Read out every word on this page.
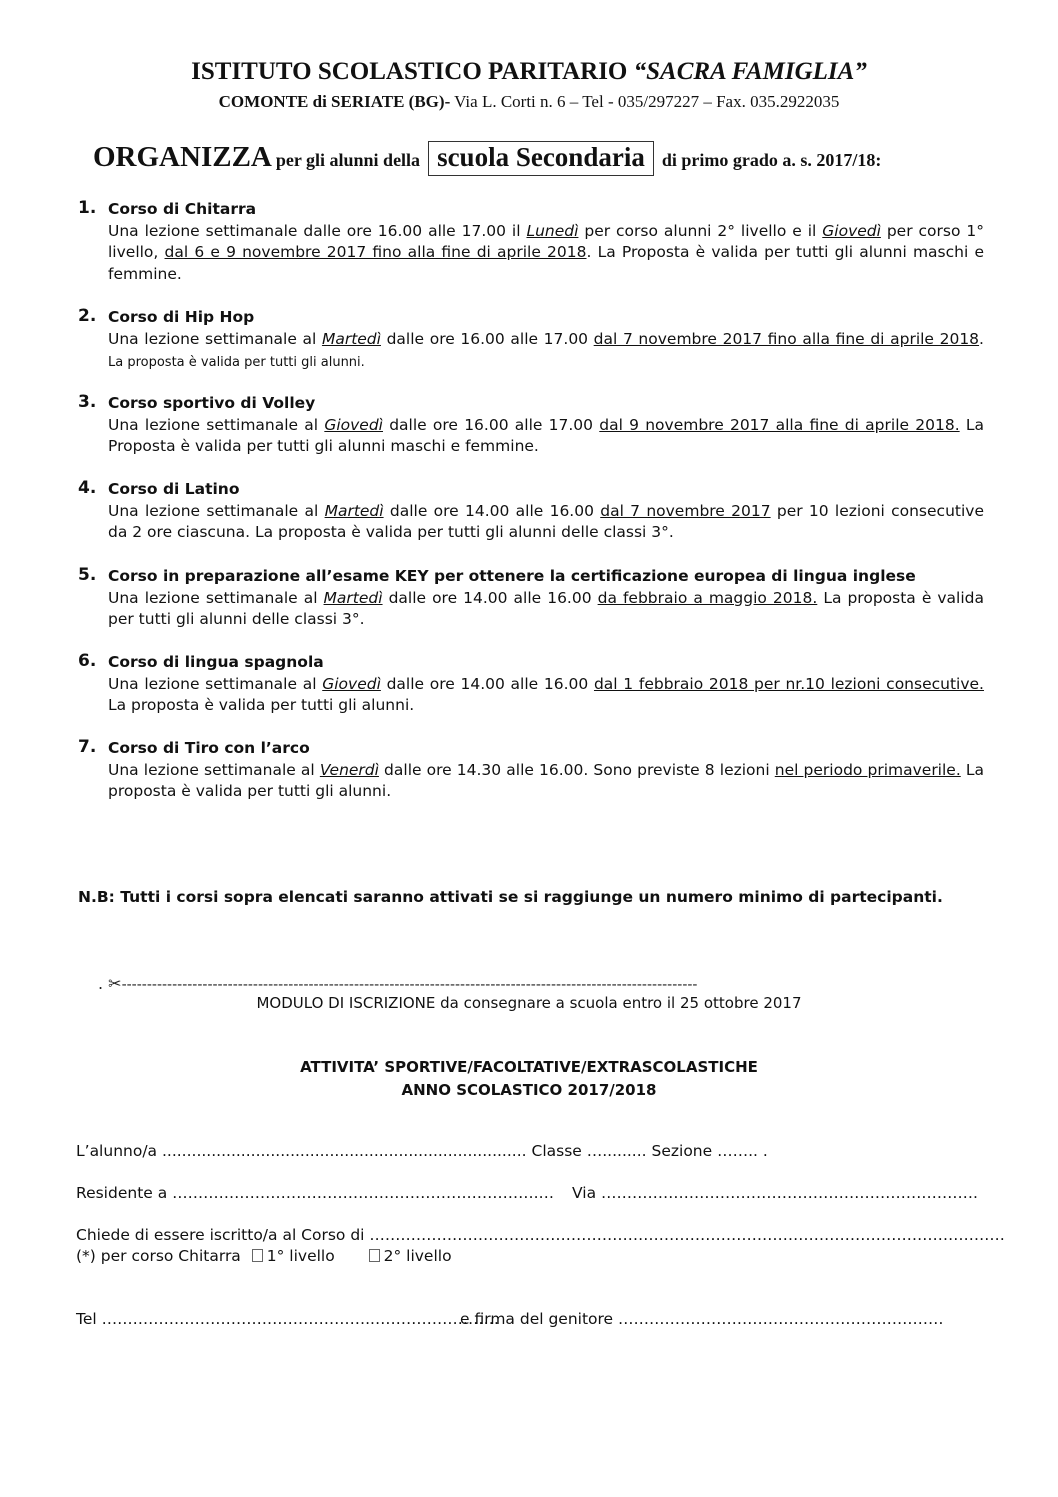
ISTITUTO SCOLASTICO PARITARIO “SACRA FAMIGLIA”
COMONTE di SERIATE (BG)- Via L. Corti n. 6 – Tel - 035/297227 – Fax. 035.2922035
ORGANIZZA per gli alunni della scuola Secondaria di primo grado a. s. 2017/18:
1. Corso di Chitarra
Una lezione settimanale dalle ore 16.00 alle 17.00 il Lunedì per corso alunni 2° livello e il Giovedì per corso 1° livello, dal 6 e 9 novembre 2017 fino alla fine di aprile 2018. La Proposta è valida per tutti gli alunni maschi e femmine.
2. Corso di Hip Hop
Una lezione settimanale al Martedì dalle ore 16.00 alle 17.00 dal 7 novembre 2017 fino alla fine di aprile 2018. La proposta è valida per tutti gli alunni.
3. Corso sportivo di Volley
Una lezione settimanale al Giovedì dalle ore 16.00 alle 17.00 dal 9 novembre 2017 alla fine di aprile 2018. La Proposta è valida per tutti gli alunni maschi e femmine.
4. Corso di Latino
Una lezione settimanale al Martedì dalle ore 14.00 alle 16.00 dal 7 novembre 2017 per 10 lezioni consecutive da 2 ore ciascuna. La proposta è valida per tutti gli alunni delle classi 3°.
5. Corso in preparazione all’esame KEY per ottenere la certificazione europea di lingua inglese
Una lezione settimanale al Martedì dalle ore 14.00 alle 16.00 da febbraio a maggio 2018. La proposta è valida per tutti gli alunni delle classi 3°.
6. Corso di lingua spagnola
Una lezione settimanale al Giovedì dalle ore 14.00 alle 16.00 dal 1 febbraio 2018 per nr.10 lezioni consecutive. La proposta è valida per tutti gli alunni.
7. Corso di Tiro con l’arco
Una lezione settimanale al Venerdì dalle ore 14.30 alle 16.00. Sono previste 8 lezioni nel periodo primaverile. La proposta è valida per tutti gli alunni.
N.B: Tutti i corsi sopra elencati saranno attivati se si raggiunge un numero minimo di partecipanti.
. ✂------------------------------------------------------------------------------------------------------------------
MODULO DI ISCRIZIONE da consegnare a scuola entro il 25 ottobre 2017
ATTIVITA’ SPORTIVE/FACOLTATIVE/EXTRASCOLASTICHE
ANNO SCOLASTICO 2017/2018
L’alunno/a .......................................................................... Classe …......... Sezione …….. .
Residente a ………………………………………………….………….… Via ……………………………………………………………….
Chiede di essere iscritto/a al Corso di ……………………………………………………………………………………………………………
(*) per corso Chitarra 1° livello	2° livello
Tel ……………………………………………..……………………
e firma del genitore ………………………………………………………
